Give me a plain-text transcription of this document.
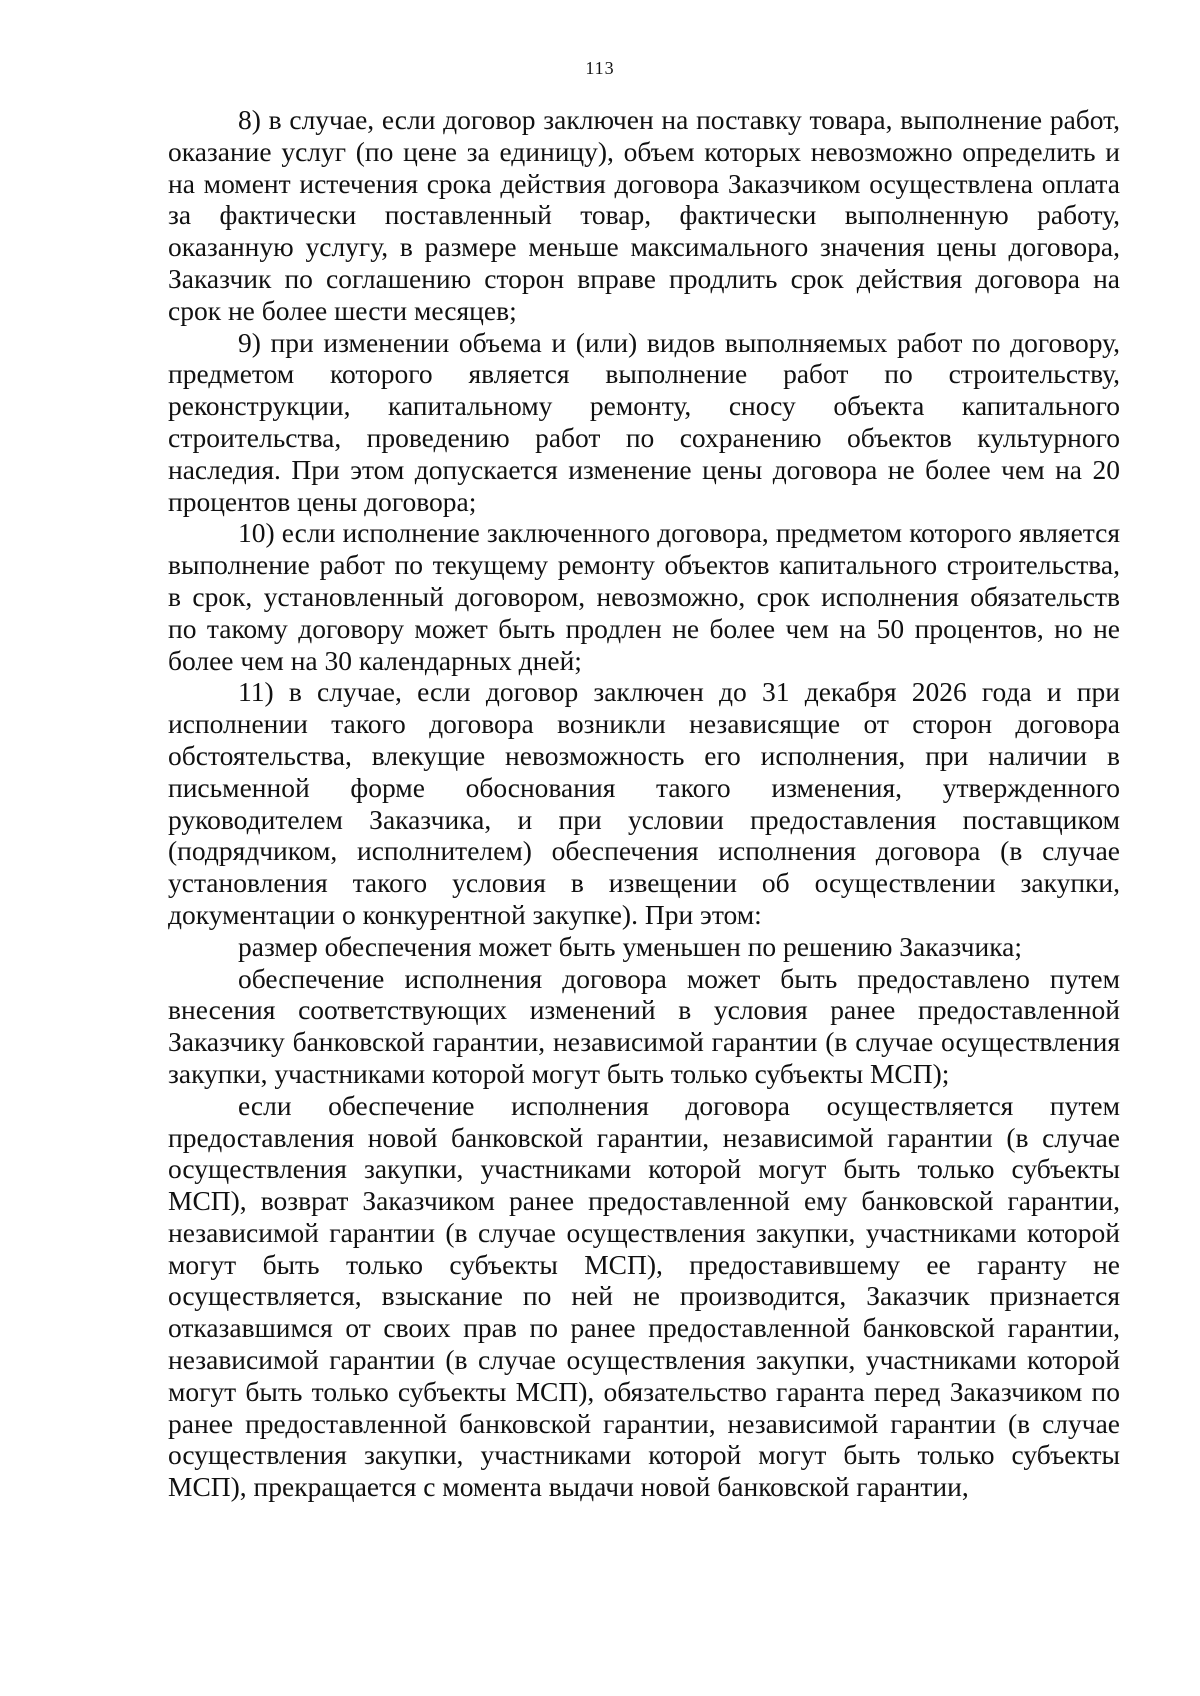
113

8) в случае, если договор заключен на поставку товара, выполнение работ, оказание услуг (по цене за единицу), объем которых невозможно определить и на момент истечения срока действия договора Заказчиком осуществлена оплата за фактически поставленный товар, фактически выполненную работу, оказанную услугу, в размере меньше максимального значения цены договора, Заказчик по соглашению сторон вправе продлить срок действия договора на срок не более шести месяцев;

9) при изменении объема и (или) видов выполняемых работ по договору, предметом которого является выполнение работ по строительству, реконструкции, капитальному ремонту, сносу объекта капитального строительства, проведению работ по сохранению объектов культурного наследия. При этом допускается изменение цены договора не более чем на 20 процентов цены договора;

10) если исполнение заключенного договора, предметом которого является выполнение работ по текущему ремонту объектов капитального строительства, в срок, установленный договором, невозможно, срок исполнения обязательств по такому договору может быть продлен не более чем на 50 процентов, но не более чем на 30 календарных дней;

11) в случае, если договор заключен до 31 декабря 2026 года и при исполнении такого договора возникли независящие от сторон договора обстоятельства, влекущие невозможность его исполнения, при наличии в письменной форме обоснования такого изменения, утвержденного руководителем Заказчика, и при условии предоставления поставщиком (подрядчиком, исполнителем) обеспечения исполнения договора (в случае установления такого условия в извещении об осуществлении закупки, документации о конкурентной закупке). При этом:

размер обеспечения может быть уменьшен по решению Заказчика;

обеспечение исполнения договора может быть предоставлено путем внесения соответствующих изменений в условия ранее предоставленной Заказчику банковской гарантии, независимой гарантии (в случае осуществления закупки, участниками которой могут быть только субъекты МСП);

если обеспечение исполнения договора осуществляется путем предоставления новой банковской гарантии, независимой гарантии (в случае осуществления закупки, участниками которой могут быть только субъекты МСП), возврат Заказчиком ранее предоставленной ему банковской гарантии, независимой гарантии (в случае осуществления закупки, участниками которой могут быть только субъекты МСП), предоставившему ее гаранту не осуществляется, взыскание по ней не производится, Заказчик признается отказавшимся от своих прав по ранее предоставленной банковской гарантии, независимой гарантии (в случае осуществления закупки, участниками которой могут быть только субъекты МСП), обязательство гаранта перед Заказчиком по ранее предоставленной банковской гарантии, независимой гарантии (в случае осуществления закупки, участниками которой могут быть только субъекты МСП), прекращается с момента выдачи новой банковской гарантии,
